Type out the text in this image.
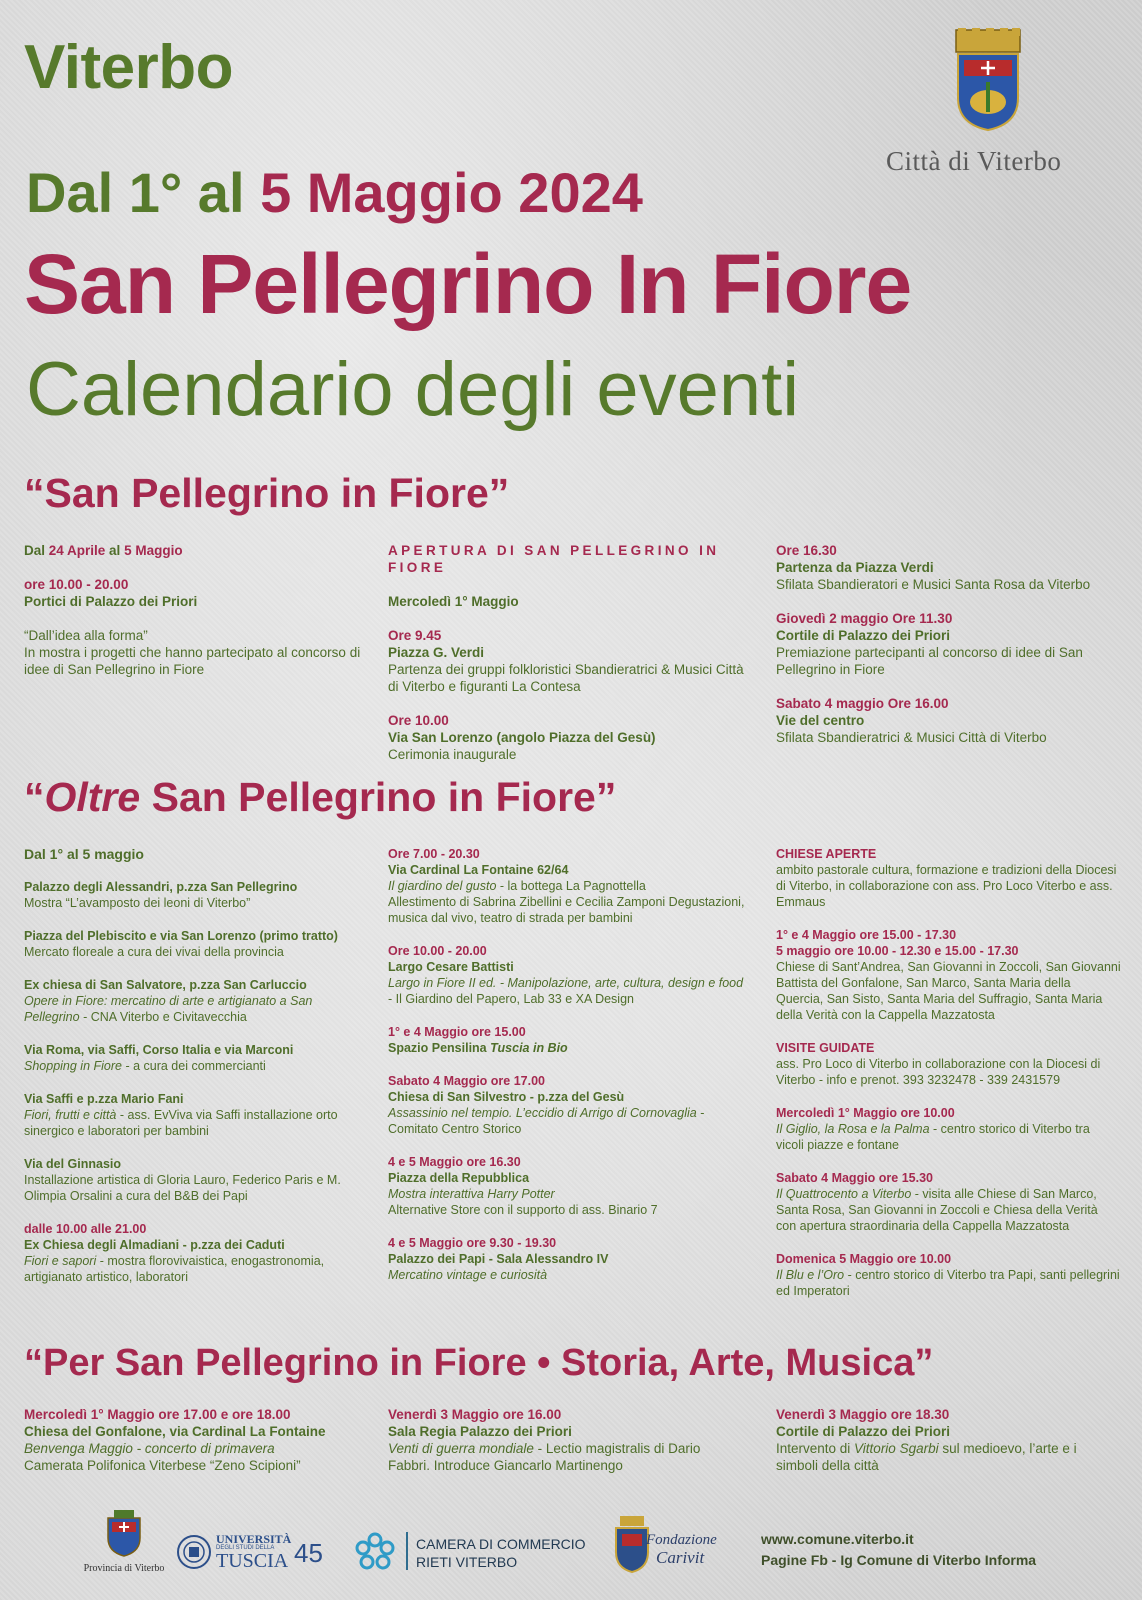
Viterbo
Città di Viterbo
Dal 1° al 5 Maggio 2024
San Pellegrino In Fiore
Calendario degli eventi
“San Pellegrino in Fiore”

Dal 24 Aprile al 5 Maggio

ore 10.00 - 20.00

Portici di Palazzo dei Priori

“Dall’idea alla forma”

In mostra i progetti che hanno partecipato al concorso di idee di San Pellegrino in Fiore

APERTURA DI SAN PELLEGRINO IN FIORE

Mercoledì 1° Maggio

Ore 9.45

Piazza G. Verdi

Partenza dei gruppi folkloristici Sbandieratrici & Musici Città di Viterbo e figuranti La Contesa

Ore 10.00

Via San Lorenzo (angolo Piazza del Gesù)

Cerimonia inaugurale

Ore 16.30

Partenza da Piazza Verdi

Sfilata Sbandieratori e Musici Santa Rosa da Viterbo

Giovedì 2 maggio Ore 11.30

Cortile di Palazzo dei Priori

Premiazione partecipanti al concorso di idee di San Pellegrino in Fiore

Sabato 4 maggio Ore 16.00

Vie del centro

Sfilata Sbandieratrici & Musici Città di Viterbo

“Oltre San Pellegrino in Fiore”

Dal 1° al 5 maggio

Palazzo degli Alessandri, p.zza San Pellegrino

Mostra “L’avamposto dei leoni di Viterbo”

Piazza del Plebiscito e via San Lorenzo (primo tratto)

Mercato floreale a cura dei vivai della provincia

Ex chiesa di San Salvatore, p.zza San Carluccio

Opere in Fiore: mercatino di arte e artigianato a San Pellegrino - CNA Viterbo e Civitavecchia

Via Roma, via Saffi, Corso Italia e via Marconi

Shopping in Fiore - a cura dei commercianti

Via Saffi e p.zza Mario Fani

Fiori, frutti e città - ass. EvViva via Saffi installazione orto sinergico e laboratori per bambini

Via del Ginnasio

Installazione artistica di Gloria Lauro, Federico Paris e M. Olimpia Orsalini a cura del B&B dei Papi

dalle 10.00 alle 21.00

Ex Chiesa degli Almadiani - p.zza dei Caduti

Fiori e sapori - mostra florovivaistica, enogastronomia, artigianato artistico, laboratori

Ore 7.00 - 20.30

Via Cardinal La Fontaine 62/64

Il giardino del gusto - la bottega La Pagnottella

Allestimento di Sabrina Zibellini e Cecilia Zamponi Degustazioni, musica dal vivo, teatro di strada per bambini

Ore 10.00 - 20.00

Largo Cesare Battisti

Largo in Fiore II ed. - Manipolazione, arte, cultura, design e food - Il Giardino del Papero, Lab 33 e XA Design

1° e 4 Maggio ore 15.00

Spazio Pensilina Tuscia in Bio

Sabato 4 Maggio ore 17.00

Chiesa di San Silvestro - p.zza del Gesù

Assassinio nel tempio. L’eccidio di Arrigo di Cornovaglia - Comitato Centro Storico

4 e 5 Maggio ore 16.30

Piazza della Repubblica

Mostra interattiva Harry Potter

Alternative Store con il supporto di ass. Binario 7

4 e 5 Maggio ore 9.30 - 19.30

Palazzo dei Papi - Sala Alessandro IV

Mercatino vintage e curiosità

CHIESE APERTE

ambito pastorale cultura, formazione e tradizioni della Diocesi di Viterbo, in collaborazione con ass. Pro Loco Viterbo e ass. Emmaus

1° e 4 Maggio ore 15.00 - 17.30

5 maggio ore 10.00 - 12.30 e 15.00 - 17.30

Chiese di Sant’Andrea, San Giovanni in Zoccoli, San Giovanni Battista del Gonfalone, San Marco, Santa Maria della Quercia, San Sisto, Santa Maria del Suffragio, Santa Maria della Verità con la Cappella Mazzatosta

VISITE GUIDATE

ass. Pro Loco di Viterbo in collaborazione con la Diocesi di Viterbo - info e prenot. 393 3232478 - 339 2431579

Mercoledì 1° Maggio ore 10.00

Il Giglio, la Rosa e la Palma - centro storico di Viterbo tra vicoli piazze e fontane

Sabato 4 Maggio ore 15.30

Il Quattrocento a Viterbo - visita alle Chiese di San Marco, Santa Rosa, San Giovanni in Zoccoli e Chiesa della Verità con apertura straordinaria della Cappella Mazzatosta

Domenica 5 Maggio ore 10.00

Il Blu e l’Oro - centro storico di Viterbo tra Papi, santi pellegrini ed Imperatori

“Per San Pellegrino in Fiore • Storia, Arte, Musica”

Mercoledì 1° Maggio ore 17.00 e ore 18.00

Chiesa del Gonfalone, via Cardinal La Fontaine

Benvenga Maggio - concerto di primavera

Camerata Polifonica Viterbese “Zeno Scipioni”

Venerdì 3 Maggio ore 16.00

Sala Regia Palazzo dei Priori

Venti di guerra mondiale - Lectio magistralis di Dario Fabbri. Introduce Giancarlo Martinengo

Venerdì 3 Maggio ore 18.30

Cortile di Palazzo dei Priori

Intervento di Vittorio Sgarbi sul medioevo, l’arte e i simboli della città

Provincia di Viterbo
UNIVERSITÀ
DEGLI STUDI DELLA
TUSCIA 45	CAMERA DI COMMERCIO
RIETI VITERBO
Fondazione
Carivit
www.comune.viterbo.it
Pagine Fb - Ig Comune di Viterbo Informa
